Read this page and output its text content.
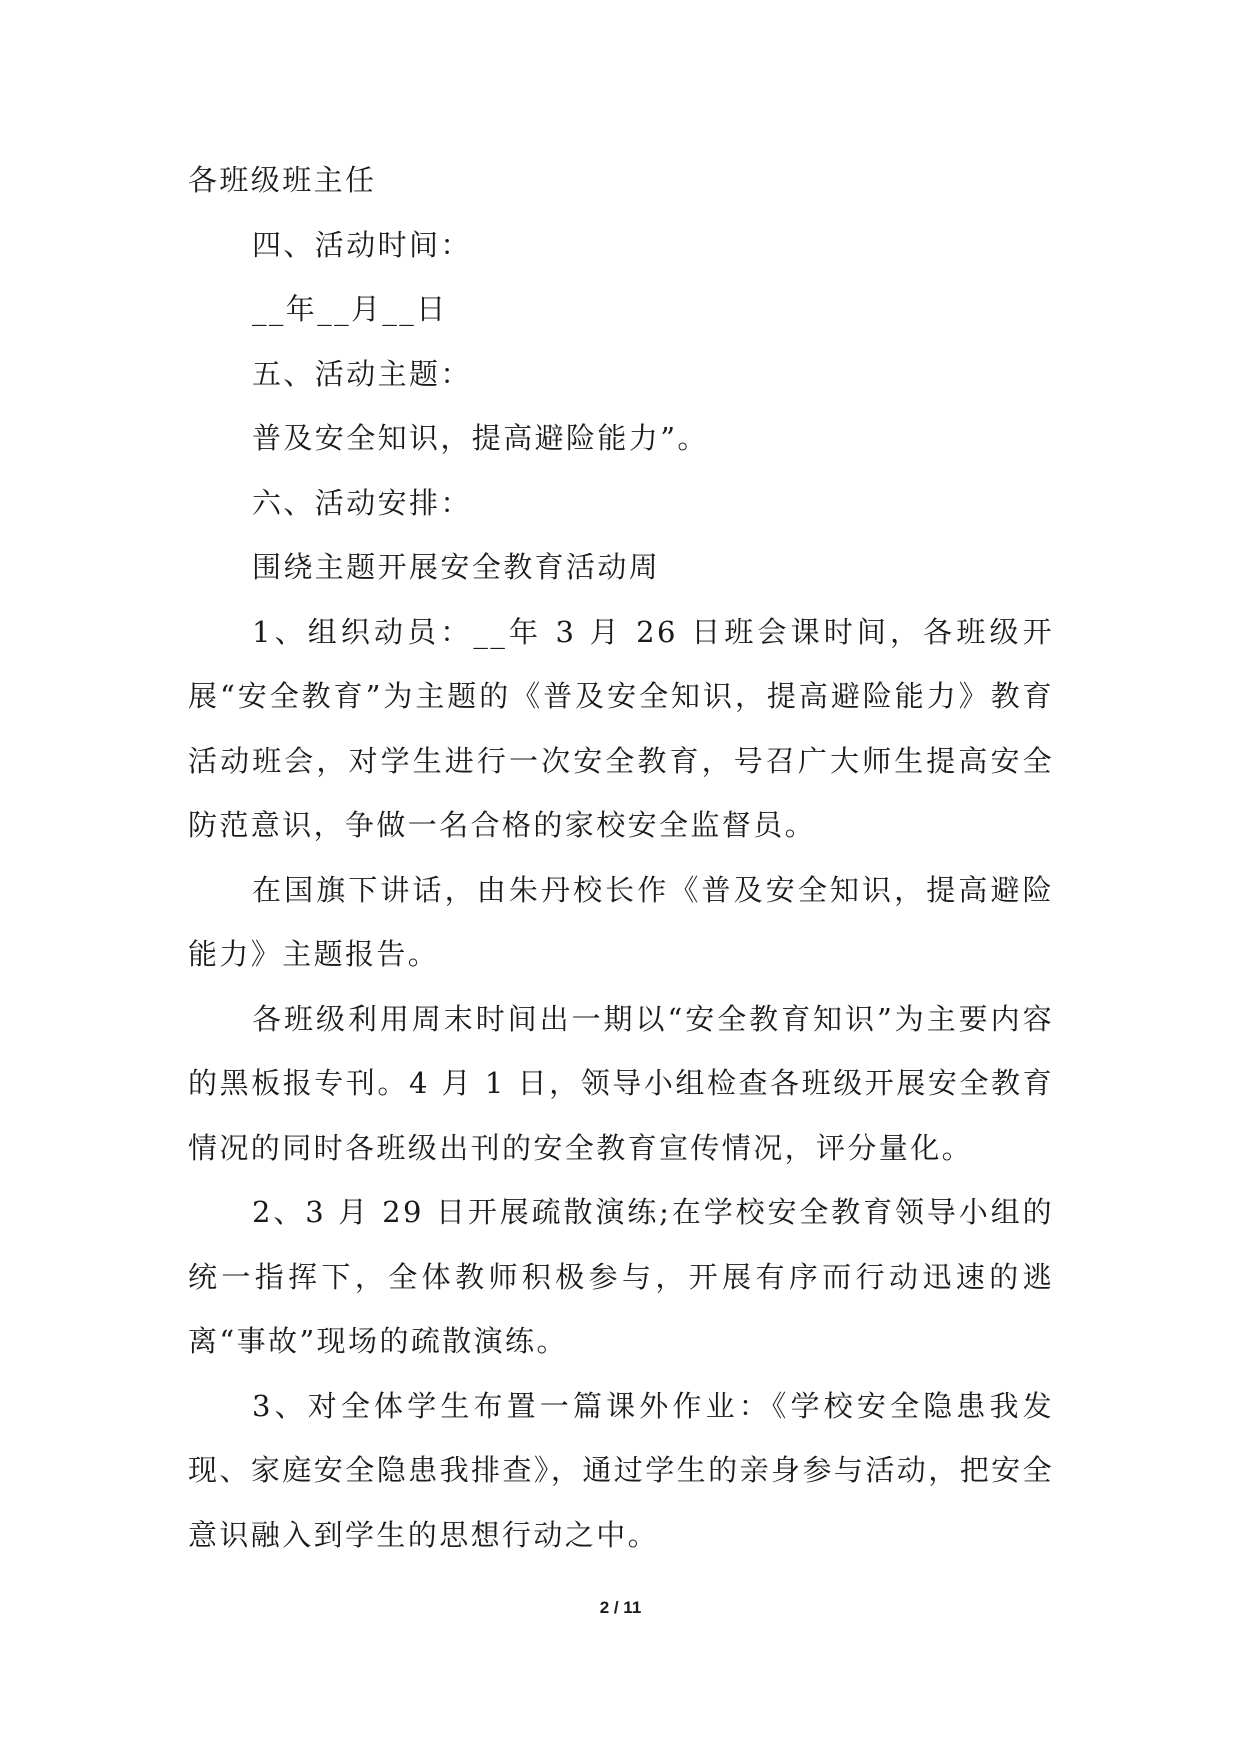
各班级班主任

四、活动时间：

__年__月__日

五、活动主题：

普及安全知识，提高避险能力”。

六、活动安排：

围绕主题开展安全教育活动周

1、组织动员：__年 3 月 26 日班会课时间，各班级开展“安全教育”为主题的《普及安全知识，提高避险能力》教育活动班会，对学生进行一次安全教育，号召广大师生提高安全防范意识，争做一名合格的家校安全监督员。

在国旗下讲话，由朱丹校长作《普及安全知识，提高避险能力》主题报告。

各班级利用周末时间出一期以“安全教育知识”为主要内容的黑板报专刊。4 月 1 日，领导小组检查各班级开展安全教育情况的同时各班级出刊的安全教育宣传情况，评分量化。

2、3 月 29 日开展疏散演练;在学校安全教育领导小组的统一指挥下，全体教师积极参与，开展有序而行动迅速的逃离“事故”现场的疏散演练。

3、对全体学生布置一篇课外作业：《学校安全隐患我发现、家庭安全隐患我排查》，通过学生的亲身参与活动，把安全意识融入到学生的思想行动之中。

2 / 11
